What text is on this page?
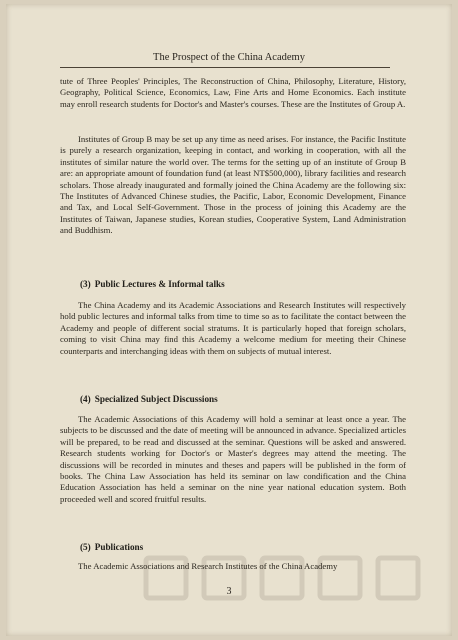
The Prospect of the China Academy

tute of Three Peoples' Principles, The Reconstruction of China, Philosophy, Literature, History, Geography, Political Science, Economics, Law, Fine Arts and Home Economics. Each institute may enroll research students for Doctor's and Master's courses. These are the Institutes of Group A.

Institutes of Group B may be set up any time as need arises. For instance, the Pacific Institute is purely a research organization, keeping in contact, and working in cooperation, with all the institutes of similar nature the world over. The terms for the setting up of an institute of Group B are: an appropriate amount of foundation fund (at least NT$500,000), library facilities and research scholars. Those already inaugurated and formally joined the China Academy are the following six: The Institutes of Advanced Chinese studies, the Pacific, Labor, Economic Development, Finance and Tax, and Local Self-Government. Those in the process of joining this Academy are the Institutes of Taiwan, Japanese studies, Korean studies, Cooperative System, Land Administration and Buddhism.

(3) Public Lectures & Informal talks

The China Academy and its Academic Associations and Research Institutes will respectively hold public lectures and informal talks from time to time so as to facilitate the contact between the Academy and people of different social stratums. It is particularly hoped that foreign scholars, coming to visit China may find this Academy a welcome medium for meeting their Chinese counterparts and interchanging ideas with them on subjects of mutual interest.

(4) Specialized Subject Discussions

The Academic Associations of this Academy will hold a seminar at least once a year. The subjects to be discussed and the date of meeting will be announced in advance. Specialized articles will be prepared, to be read and discussed at the seminar. Questions will be asked and answered. Research students working for Doctor's or Master's degrees may attend the meeting. The discussions will be recorded in minutes and theses and papers will be published in the form of books. The China Law Association has held its seminar on law condification and the China Education Association has held a seminar on the nine year national education system. Both proceeded well and scored fruitful results.

(5) Publications

The Academic Associations and Research Institutes of the China Academy

3
